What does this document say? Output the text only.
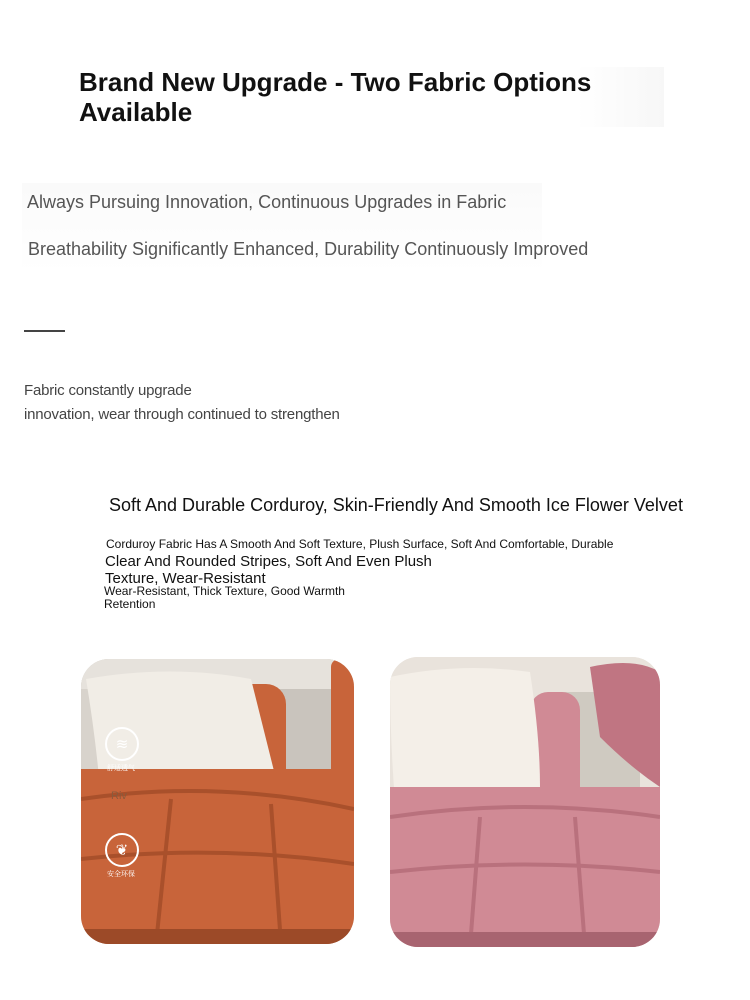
Brand New Upgrade - Two Fabric Options Available
Always Pursuing Innovation, Continuous Upgrades in Fabric
Breathability Significantly Enhanced, Durability Continuously Improved
Fabric constantly upgrade
innovation, wear through continued to strengthen
Soft And Durable Corduroy, Skin-Friendly And Smooth Ice Flower Velvet
Corduroy Fabric Has A Smooth And Soft Texture, Plush Surface, Soft And Comfortable, Durable
Clear And Rounded Stripes, Soft And Even Plush Texture, Wear-Resistant
Wear-Resistant, Thick Texture, Good Warmth Retention
≋
舒适透气
Riv
❦
安全环保
